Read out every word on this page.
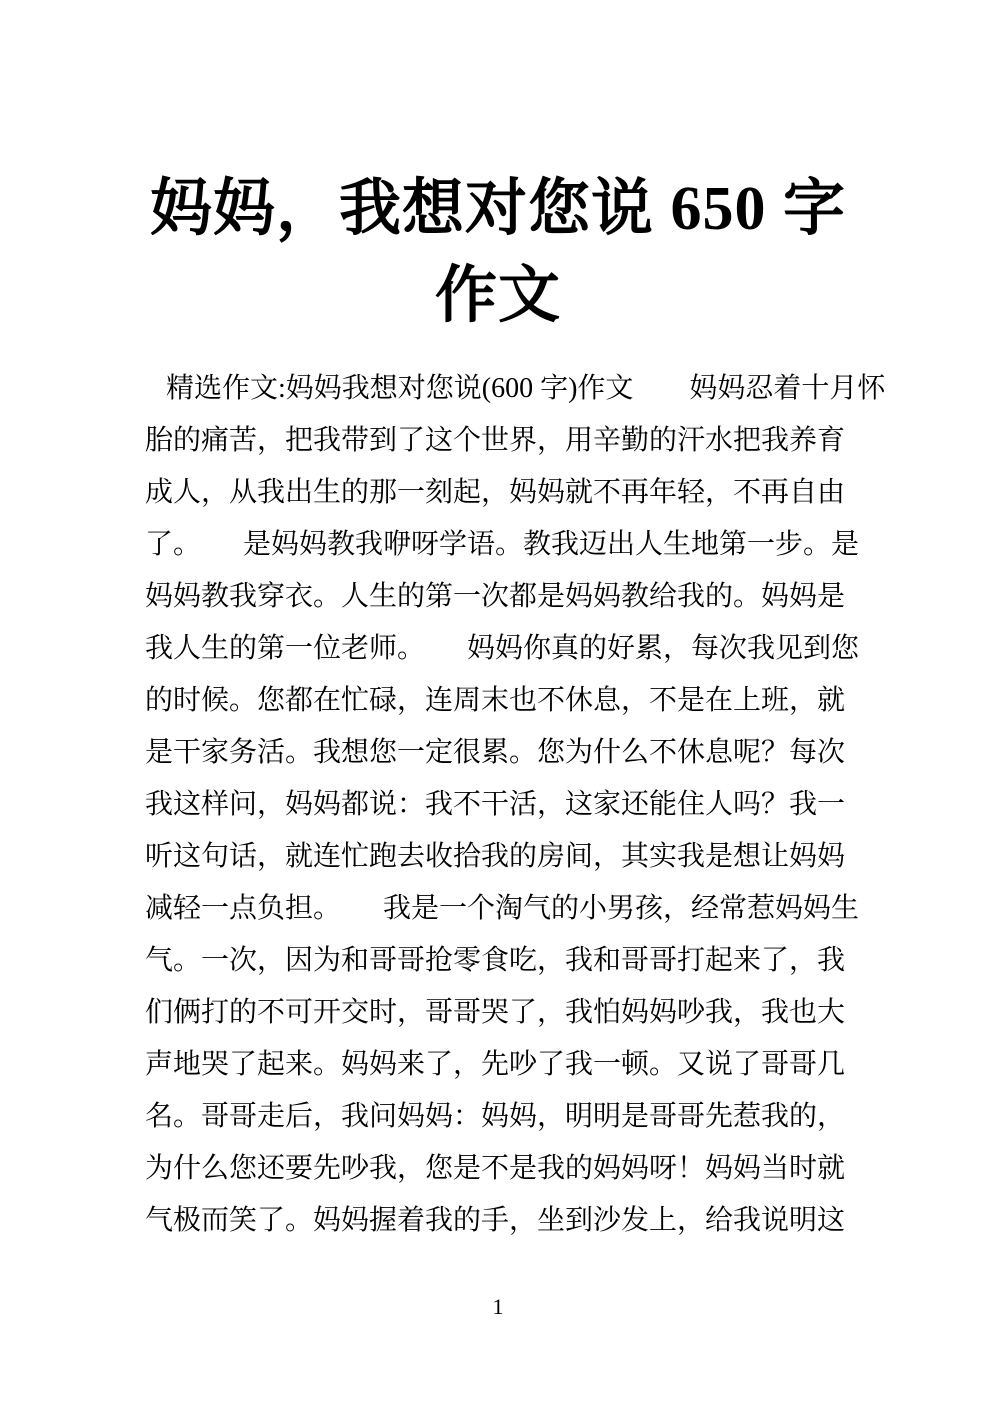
妈妈，我想对您说 650 字
作文
精选作文:妈妈我想对您说(600 字)作文　　妈妈忍着十月怀
胎的痛苦，把我带到了这个世界，用辛勤的汗水把我养育
成人，从我出生的那一刻起，妈妈就不再年轻，不再自由
了。　　是妈妈教我咿呀学语。教我迈出人生地第一步。是
妈妈教我穿衣。人生的第一次都是妈妈教给我的。妈妈是
我人生的第一位老师。　　妈妈你真的好累，每次我见到您
的时候。您都在忙碌，连周末也不休息，不是在上班，就
是干家务活。我想您一定很累。您为什么不休息呢？每次
我这样问，妈妈都说：我不干活，这家还能住人吗？我一
听这句话，就连忙跑去收拾我的房间，其实我是想让妈妈
减轻一点负担。　　我是一个淘气的小男孩，经常惹妈妈生
气。一次，因为和哥哥抢零食吃，我和哥哥打起来了，我
们俩打的不可开交时，哥哥哭了，我怕妈妈吵我，我也大
声地哭了起来。妈妈来了，先吵了我一顿。又说了哥哥几
名。哥哥走后，我问妈妈：妈妈，明明是哥哥先惹我的，
为什么您还要先吵我，您是不是我的妈妈呀！妈妈当时就
气极而笑了。妈妈握着我的手，坐到沙发上，给我说明这
1
